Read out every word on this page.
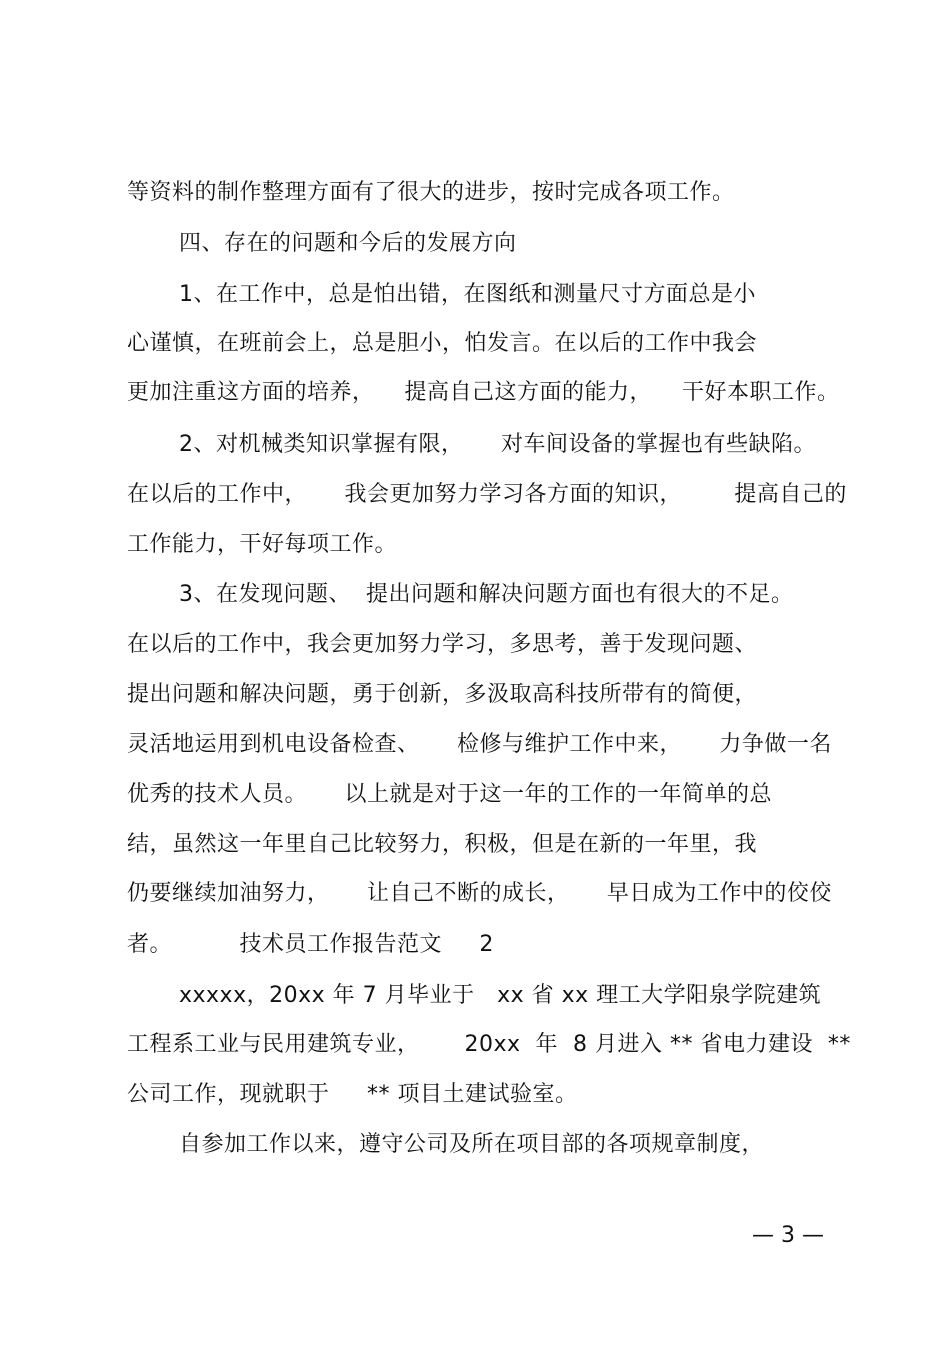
等资料的制作整理方面有了很大的进步，按时完成各项工作。
四、存在的问题和今后的发展方向
1、在工作中，总是怕出错，在图纸和测量尺寸方面总是小
心谨慎，在班前会上，总是胆小，怕发言。在以后的工作中我会
更加注重这方面的培养，    提高自己这方面的能力，    干好本职工作。
2、对机械类知识掌握有限，     对车间设备的掌握也有些缺陷。
在以后的工作中，     我会更加努力学习各方面的知识，       提高自己的
工作能力，干好每项工作。
3、在发现问题、  提出问题和解决问题方面也有很大的不足。
在以后的工作中，我会更加努力学习，多思考，善于发现问题、
提出问题和解决问题，勇于创新，多汲取高科技所带有的简便，
灵活地运用到机电设备检查、     检修与维护工作中来，     力争做一名
优秀的技术人员。     以上就是对于这一年的工作的一年简单的总
结，虽然这一年里自己比较努力，积极，但是在新的一年里，我
仍要继续加油努力，     让自己不断的成长，     早日成为工作中的佼佼
者。         技术员工作报告范文     2
xxxxx，20xx 年 7 月毕业于   xx 省 xx 理工大学阳泉学院建筑
工程系工业与民用建筑专业，      20xx  年  8 月进入 ** 省电力建设  **
公司工作，现就职于     ** 项目土建试验室。
自参加工作以来，遵守公司及所在项目部的各项规章制度，
— 3 —
